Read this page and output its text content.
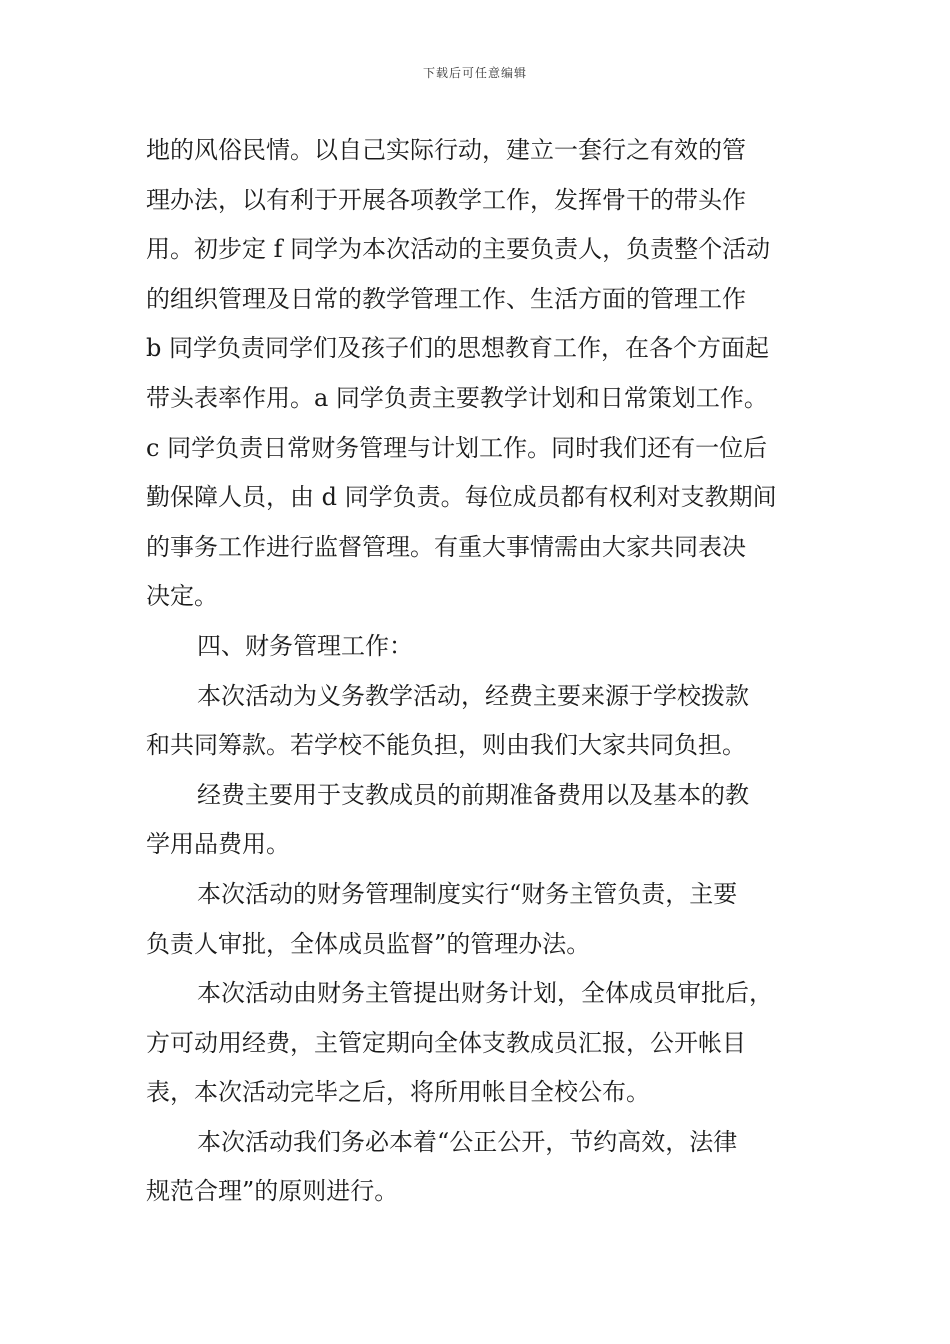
下载后可任意编辑
地的风俗民情。以自己实际行动，建立一套行之有效的管
理办法，以有利于开展各项教学工作，发挥骨干的带头作
用。初步定 f 同学为本次活动的主要负责人，负责整个活动
的组织管理及日常的教学管理工作、生活方面的管理工作
b 同学负责同学们及孩子们的思想教育工作，在各个方面起
带头表率作用。a 同学负责主要教学计划和日常策划工作。
c 同学负责日常财务管理与计划工作。同时我们还有一位后
勤保障人员，由 d 同学负责。每位成员都有权利对支教期间
的事务工作进行监督管理。有重大事情需由大家共同表决
决定。
四、财务管理工作：
本次活动为义务教学活动，经费主要来源于学校拨款
和共同筹款。若学校不能负担，则由我们大家共同负担。
经费主要用于支教成员的前期准备费用以及基本的教
学用品费用。
本次活动的财务管理制度实行“财务主管负责，主要
负责人审批，全体成员监督”的管理办法。
本次活动由财务主管提出财务计划，全体成员审批后，
方可动用经费，主管定期向全体支教成员汇报，公开帐目
表，本次活动完毕之后，将所用帐目全校公布。
本次活动我们务必本着“公正公开，节约高效，法律
规范合理”的原则进行。
